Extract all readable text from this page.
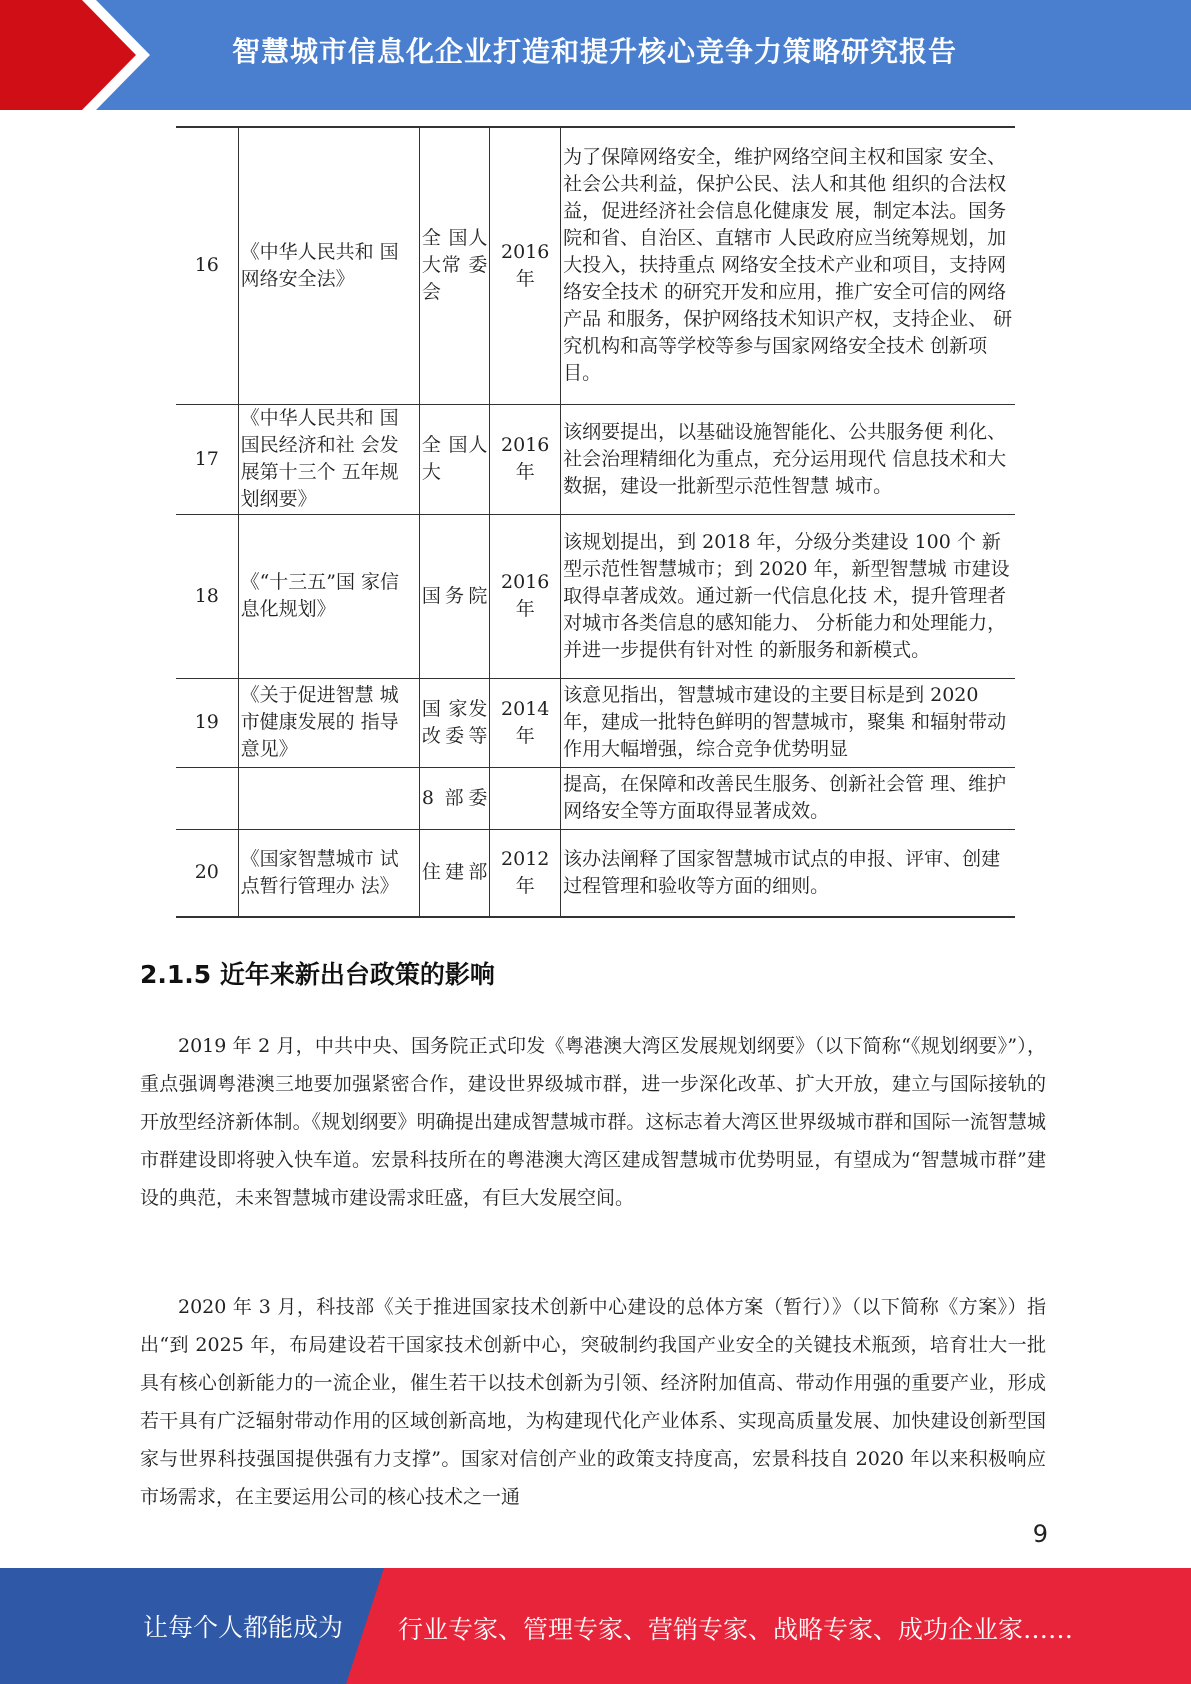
智慧城市信息化企业打造和提升核心竞争力策略研究报告
16	《中华人民共和 国网络安全法》	全 国人 大常 委会	2016 年	为了保障网络安全，维护网络空间主权和国家 安全、社会公共利益，保护公民、法人和其他 组织的合法权益，促进经济社会信息化健康发 展，制定本法。国务院和省、自治区、直辖市 人民政府应当统筹规划，加大投入，扶持重点 网络安全技术产业和项目，支持网络安全技术 的研究开发和应用，推广安全可信的网络产品 和服务，保护网络技术知识产权，支持企业、 研究机构和高等学校等参与国家网络安全技术 创新项目。
17	《中华人民共和 国国民经济和社 会发展第十三个 五年规划纲要》	全 国人大	2016 年	该纲要提出，以基础设施智能化、公共服务便 利化、社会治理精细化为重点，充分运用现代 信息技术和大数据，建设一批新型示范性智慧 城市。
18	《“十三五”国 家信息化规划》	国务院	2016 年	该规划提出，到 2018 年，分级分类建设 100 个 新型示范性智慧城市；到 2020 年，新型智慧城 市建设取得卓著成效。通过新一代信息化技 术，提升管理者对城市各类信息的感知能力、 分析能力和处理能力，并进一步提供有针对性 的新服务和新模式。
19	《关于促进智慧 城市健康发展的 指导意见》	国 家发 改委等	2014 年	该意见指出，智慧城市建设的主要目标是到 2020 年，建成一批特色鲜明的智慧城市，聚集 和辐射带动作用大幅增强，综合竞争优势明显
		8 部委		提高，在保障和改善民生服务、创新社会管 理、维护网络安全等方面取得显著成效。
20	《国家智慧城市 试点暂行管理办 法》	住建部	2012 年	该办法阐释了国家智慧城市试点的申报、评审、创建过程管理和验收等方面的细则。
2.1.5 近年来新出台政策的影响

2019 年 2 月，中共中央、国务院正式印发《粤港澳大湾区发展规划纲要》（以下简称“《规划纲要》”），重点强调粤港澳三地要加强紧密合作，建设世界级城市群，进一步深化改革、扩大开放，建立与国际接轨的开放型经济新体制。《规划纲要》明确提出建成智慧城市群。这标志着大湾区世界级城市群和国际一流智慧城市群建设即将驶入快车道。宏景科技所在的粤港澳大湾区建成智慧城市优势明显，有望成为“智慧城市群”建设的典范，未来智慧城市建设需求旺盛，有巨大发展空间。

2020 年 3 月，科技部《关于推进国家技术创新中心建设的总体方案（暂行）》（以下简称《方案》）指出“到 2025 年，布局建设若干国家技术创新中心，突破制约我国产业安全的关键技术瓶颈，培育壮大一批具有核心创新能力的一流企业，催生若干以技术创新为引领、经济附加值高、带动作用强的重要产业，形成若干具有广泛辐射带动作用的区域创新高地，为构建现代化产业体系、实现高质量发展、加快建设创新型国家与世界科技强国提供强有力支撑”。国家对信创产业的政策支持度高，宏景科技自 2020 年以来积极响应市场需求，在主要运用公司的核心技术之一通

9
让每个人都能成为 行业专家、管理专家、营销专家、战略专家、成功企业家……
